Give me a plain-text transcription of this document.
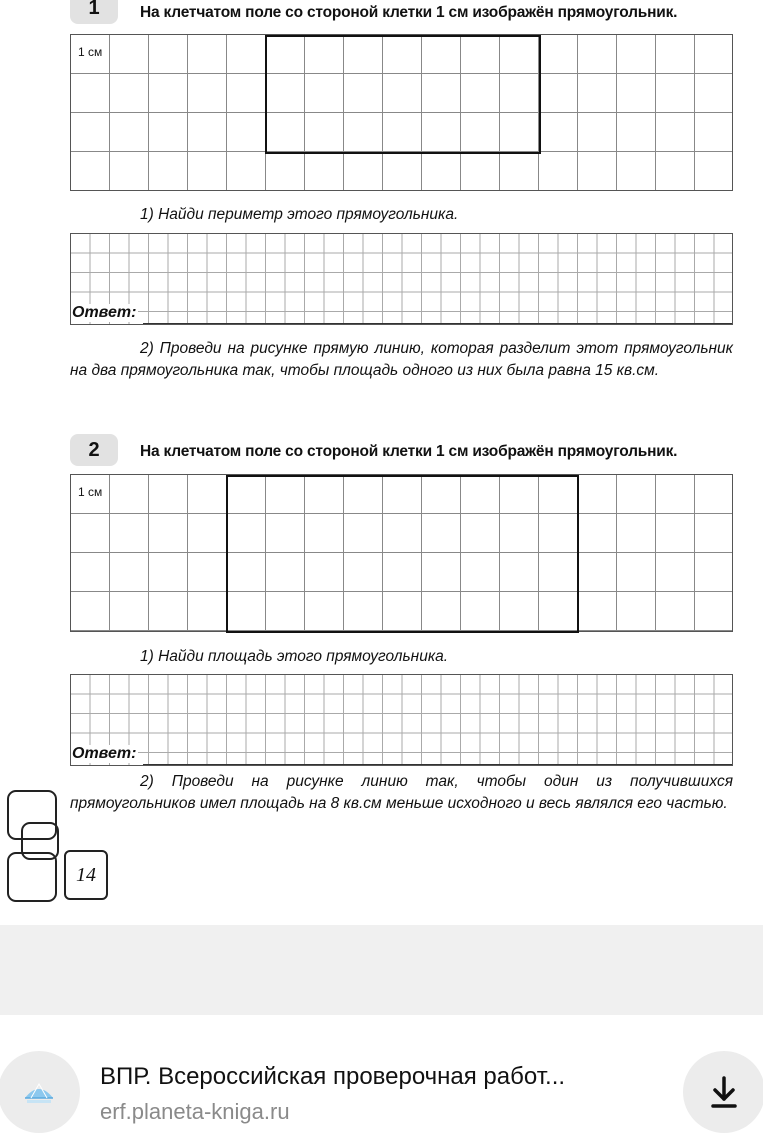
1	На клетчатом поле со стороной клетки 1 см изображён прямоугольник.
1 см
1) Найди периметр этого прямоугольника.
Ответ:
2) Проведи на рисунке прямую линию, которая разделит этот прямоугольник на два прямоугольника так, чтобы площадь одного из них была равна 15 кв.см.
2	На клетчатом поле со стороной клетки 1 см изображён прямоугольник.
1 см
1) Найди площадь этого прямоугольника.
Ответ:
2) Проведи на рисунке линию так, чтобы один из получившихся прямоугольников имел площадь на 8 кв.см меньше исходного и весь являлся его частью.
14
ВПР. Всероссийская проверочная работ...
erf.planeta-kniga.ru
